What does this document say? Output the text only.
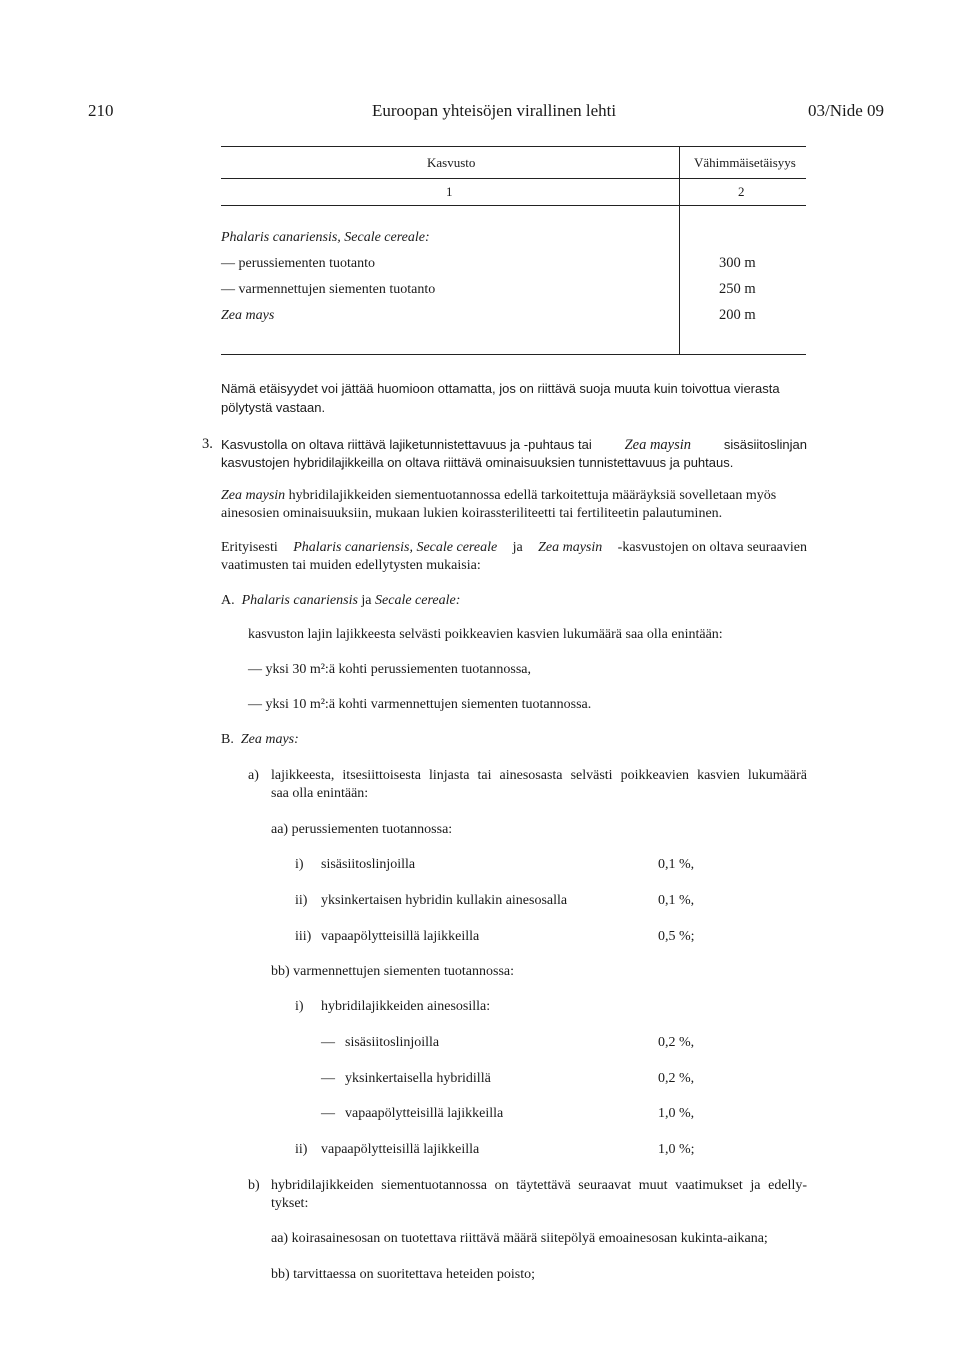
210	Euroopan yhteisöjen virallinen lehti	03/Nide 09
Kasvusto	Vähimmäisetäisyys
1	2
Phalaris canariensis, Secale cereale:
— perussiementen tuotanto	300 m
— varmennettujen siementen tuotanto	250 m
Zea mays	200 m
Nämä etäisyydet voi jättää huomioon ottamatta, jos on riittävä suoja muuta kuin toivottua vierasta
pölytystä vastaan.
3. Kasvustolla on oltava riittävä lajiketunnistettavuus ja -puhtaus tai Zea maysin	sisäsiitoslinjan
kasvustojen hybridilajikkeilla on oltava riittävä ominaisuuksien tunnistettavuus ja puhtaus.
Zea maysin hybridilajikkeiden siementuotannossa edellä tarkoitettuja määräyksiä sovelletaan myös
ainesosien ominaisuuksiin, mukaan lukien koirassteriliteetti tai fertiliteetin palautuminen.
Erityisesti Phalaris canariensis, Secale cereale ja Zea maysin -kasvustojen on oltava seuraavien
vaatimusten tai muiden edellytysten mukaisia:
A. Phalaris canariensis ja Secale cereale:
kasvuston lajin lajikkeesta selvästi poikkeavien kasvien lukumäärä saa olla enintään:
— yksi 30 m²:ä kohti perussiementen tuotannossa,
— yksi 10 m²:ä kohti varmennettujen siementen tuotannossa.
B. Zea mays:
a) lajikkeesta, itsesiittoisesta linjasta tai ainesosasta selvästi poikkeavien kasvien lukumäärä
saa olla enintään:
aa) perussiementen tuotannossa:
i) sisäsiitoslinjoilla	0,1 %,
ii) yksinkertaisen hybridin kullakin ainesosalla	0,1 %,
iii) vapaapölytteisillä lajikkeilla	0,5 %;
bb) varmennettujen siementen tuotannossa:
i) hybridilajikkeiden ainesosilla:
— sisäsiitoslinjoilla	0,2 %,
— yksinkertaisella hybridillä	0,2 %,
— vapaapölytteisillä lajikkeilla	1,0 %,
ii) vapaapölytteisillä lajikkeilla	1,0 %;
b) hybridilajikkeiden siementuotannossa on täytettävä seuraavat muut vaatimukset ja edelly-
tykset:
aa) koirasainesosan on tuotettava riittävä määrä siitepölyä emoainesosan kukinta-aikana;
bb) tarvittaessa on suoritettava heteiden poisto;
